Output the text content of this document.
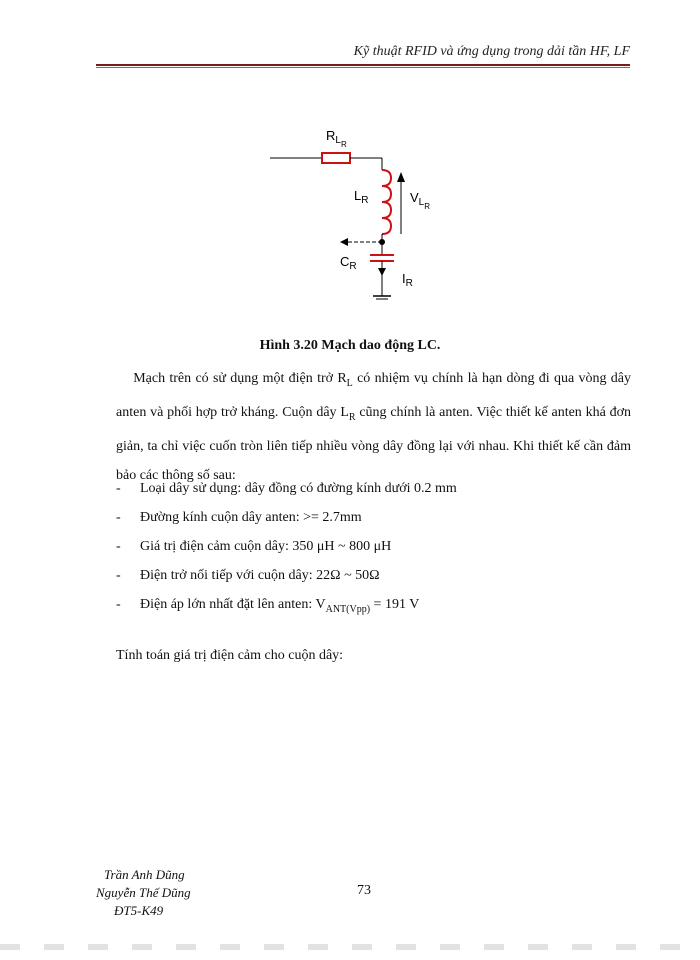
Kỹ thuật RFID và ứng dụng trong dải tần HF, LF
$R_{LR}$
$L_R$	$V_{LR}$
$C_R$
$I_R$
Hình 3.20 Mạch dao động LC.

Mạch trên có sử dụng một điện trở $R_L$ có nhiệm vụ chính là hạn dòng đi qua vòng dây anten và phối hợp trở kháng. Cuộn dây $L_R$ cũng chính là anten. Việc thiết kế anten khá đơn giản, ta chỉ việc cuốn tròn liên tiếp nhiều vòng dây đồng lại với nhau. Khi thiết kế cần đảm bảo các thông số sau:

- Loại dây sử dụng: dây đồng có đường kính dưới 0.2 mm
- Đường kính cuộn dây anten: >= 2.7mm
- Giá trị điện cảm cuộn dây: 350 μH ~ 800 μH
- Điện trở nối tiếp với cuộn dây: 22Ω ~ 50Ω
- Điện áp lớn nhất đặt lên anten: $V_{ANT(Vpp)} = 191$ V
Tính toán giá trị điện cảm cho cuộn dây:
Trần Anh Dũng
Nguyễn Thế Dũng
ĐT5-K49
73
